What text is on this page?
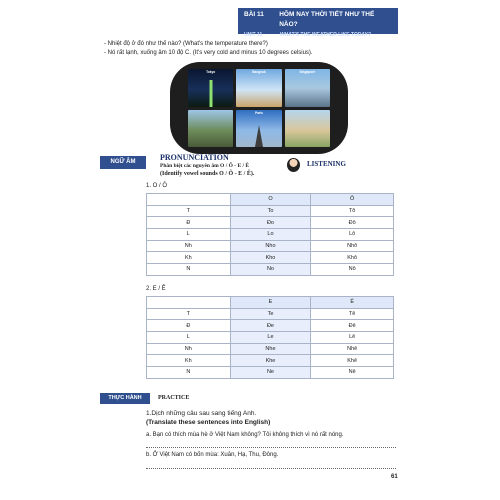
BÀI 11	HÔM NAY THỜI TIẾT NHƯ THẾ NÀO?
UNIT 11	WHAT'S THE WEATHER LIKE TODAY?
- Nhiệt độ ở đó như thế nào? (What's the temperature there?)
- Nó rất lạnh, xuống âm 10 độ C. (It's very cold and minus 10 degrees celsius).
Tokyo	Bangkok	Singapore
Paris
NGỮ ÂM	PRONUNCIATION
Phân biệt các nguyên âm O / Ô - E / Ê
(Identify vowel sounds O / Ô - E / Ê).
LISTENING
1. O / Ô
	O	Ô
T	To	Tô
Đ	Đo	Đô
L	Lo	Lô
Nh	Nho	Nhô
Kh	Kho	Khô
N	No	Nô
2. E / Ê
	E	Ê
T	Te	Tê
Đ	Đe	Đê
L	Le	Lê
Nh	Nhe	Nhê
Kh	Khe	Khê
N	Ne	Nê
THỰC HÀNH	PRACTICE
1.Dịch những câu sau sang tiếng Anh.
(Translate these sentences into English)
a. Bạn có thích mùa hè ở Việt Nam không? Tôi không thích vì nó rất nóng.
b. Ở Việt Nam có bốn mùa: Xuân, Hạ, Thu, Đông.
61
